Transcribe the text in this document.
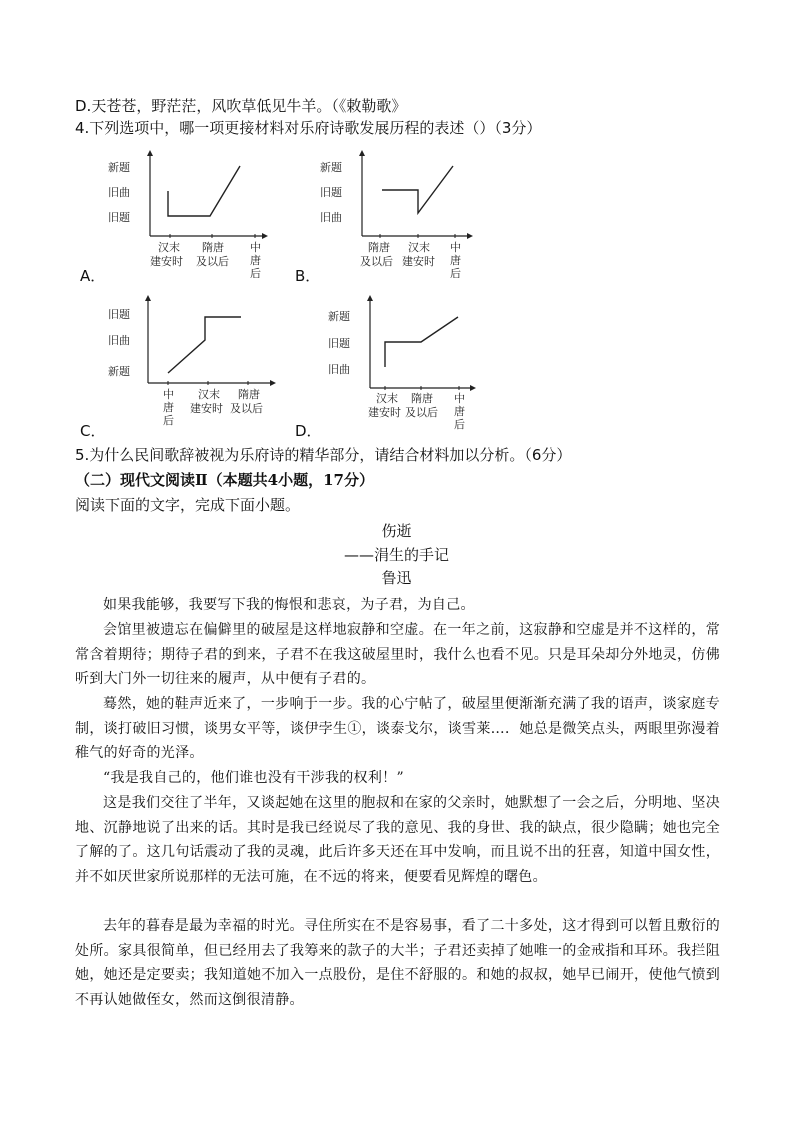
D.天苍苍，野茫茫，风吹草低见牛羊。（《敕勒歌》
4.下列选项中，哪一项更接材料对乐府诗歌发展历程的表述（）（3分）
新题
旧曲
旧题
汉末
建安时
隋唐
及以后
中
唐
后
A．
新题
旧题
旧曲
隋唐
及以后
汉末
建安时
中
唐
后
B．
旧题
旧曲
新题
中
唐
后
汉末
建安时
隋唐
及以后
C．
新题
旧题
旧曲
汉末
建安时
隋唐
及以后
中
唐
后
D．
5.为什么民间歌辞被视为乐府诗的精华部分，请结合材料加以分析。（6分）
（二）现代文阅读Ⅱ（本题共4小题，17分）
阅读下面的文字，完成下面小题。
伤逝
——涓生的手记
鲁迅
如果我能够，我要写下我的悔恨和悲哀，为子君，为自己。
会馆里被遗忘在偏僻里的破屋是这样地寂静和空虚。在一年之前，这寂静和空虚是并不这样的，常常含着期待；期待子君的到来，子君不在我这破屋里时，我什么也看不见。只是耳朵却分外地灵，仿佛听到大门外一切往来的履声，从中便有子君的。
蓦然，她的鞋声近来了，一步响于一步。我的心宁帖了，破屋里便渐渐充满了我的语声，谈家庭专制，谈打破旧习惯，谈男女平等，谈伊孛生①，谈泰戈尔，谈雪莱…．她总是微笑点头，两眼里弥漫着稚气的好奇的光泽。
“我是我自己的，他们谁也没有干涉我的权利！”
这是我们交往了半年，又谈起她在这里的胞叔和在家的父亲时，她默想了一会之后，分明地、坚决地、沉静地说了出来的话。其时是我已经说尽了我的意见、我的身世、我的缺点，很少隐瞒；她也完全了解的了。这几句话震动了我的灵魂，此后许多天还在耳中发响，而且说不出的狂喜，知道中国女性，并不如厌世家所说那样的无法可施，在不远的将来，便要看见辉煌的曙色。
去年的暮春是最为幸福的时光。寻住所实在不是容易事，看了二十多处，这才得到可以暂且敷衍的处所。家具很简单，但已经用去了我筹来的款子的大半；子君还卖掉了她唯一的金戒指和耳环。我拦阻她，她还是定要卖；我知道她不加入一点股份，是住不舒服的。和她的叔叔，她早已闹开，使他气愤到不再认她做侄女，然而这倒很清静。
